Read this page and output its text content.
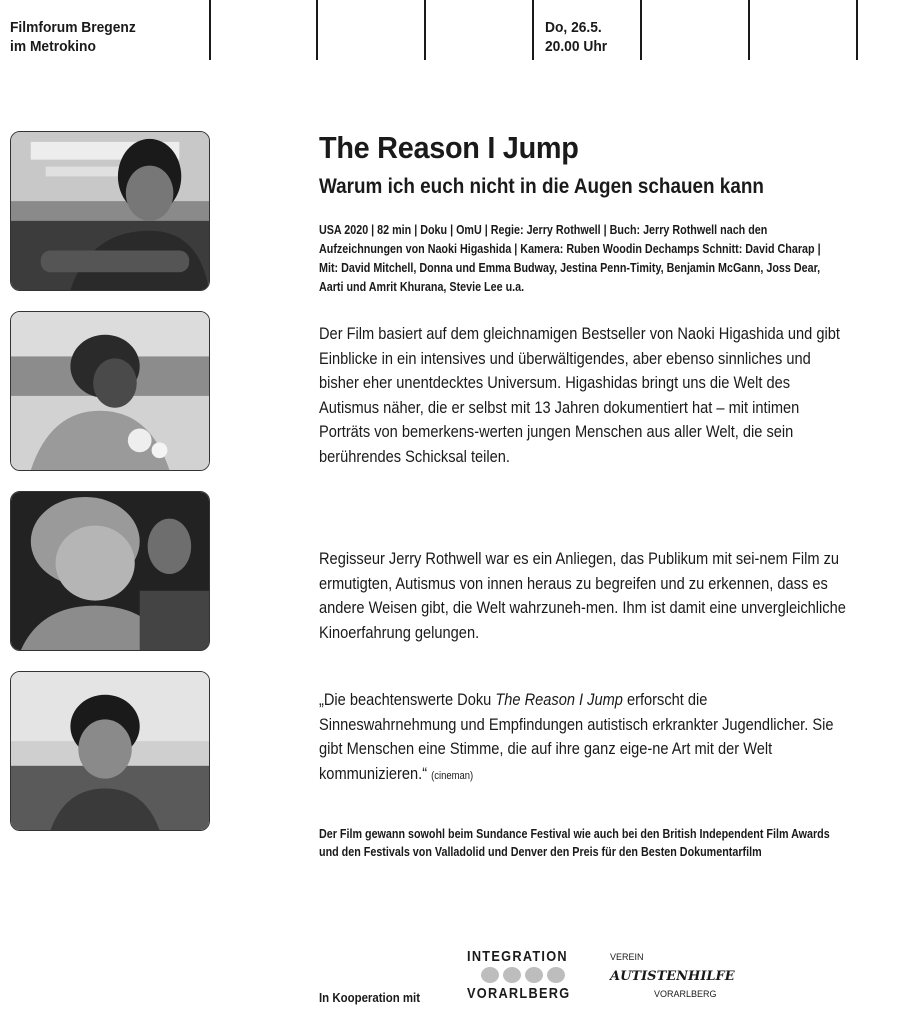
Filmforum Bregenz
im Metrokino
Do, 26.5.
20.00 Uhr
The Reason I Jump
Warum ich euch nicht in die Augen schauen kann
USA 2020 | 82 min | Doku | OmU | Regie: Jerry Rothwell | Buch: Jerry Rothwell nach den Aufzeichnungen von Naoki Higashida | Kamera: Ruben Woodin Dechamps Schnitt: David Charap | Mit: David Mitchell, Donna und Emma Budway, Jestina Penn-Timity, Benjamin McGann, Joss Dear, Aarti und Amrit Khurana, Stevie Lee u.a.
Der Film basiert auf dem gleichnamigen Bestseller von Naoki Higashida und gibt Einblicke in ein intensives und überwältigendes, aber ebenso sinnliches und bisher eher unentdecktes Universum. Higashidas bringt uns die Welt des Autismus näher, die er selbst mit 13 Jahren dokumentiert hat – mit intimen Porträts von bemerkens-werten jungen Menschen aus aller Welt, die sein berührendes Schicksal teilen.
Regisseur Jerry Rothwell war es ein Anliegen, das Publikum mit sei-nem Film zu ermutigten, Autismus von innen heraus zu begreifen und zu erkennen, dass es andere Weisen gibt, die Welt wahrzuneh-men. Ihm ist damit eine unvergleichliche Kinoerfahrung gelungen.
„Die beachtenswerte Doku The Reason I Jump erforscht die Sinneswahrnehmung und Empfindungen autistisch erkrankter Jugendlicher. Sie gibt Menschen eine Stimme, die auf ihre ganz eige-ne Art mit der Welt kommunizieren.“ (cineman)
Der Film gewann sowohl beim Sundance Festival wie auch bei den British Independent Film Awards und den Festivals von Valladolid und Denver den Preis für den Besten Dokumentarfilm
In Kooperation mit
INTEGRATION
VORARLBERG
VEREIN
AUTISTENHILFE
VORARLBERG
